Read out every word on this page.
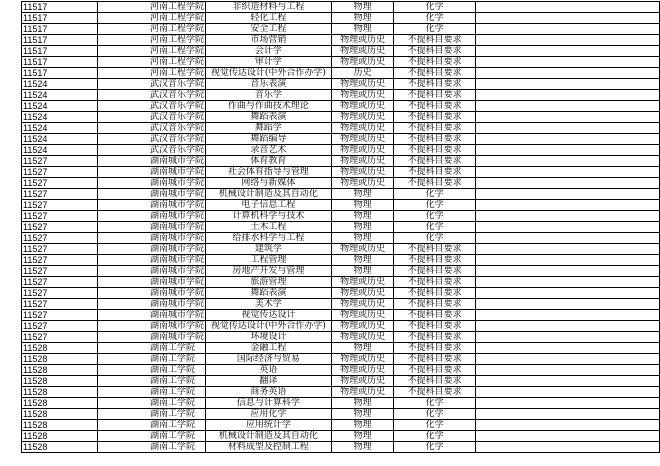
11517	河南工程学院	非织造材料与工程	物理	化学	
11517	河南工程学院	轻化工程	物理	化学	
11517	河南工程学院	安全工程	物理	化学	
11517	河南工程学院	市场营销	物理或历史	不提科目要求	
11517	河南工程学院	会计学	物理或历史	不提科目要求	
11517	河南工程学院	审计学	物理或历史	不提科目要求	
11517	河南工程学院	视觉传达设计(中外合作办学)	历史	不提科目要求	
11524	武汉音乐学院	音乐表演	物理或历史	不提科目要求	
11524	武汉音乐学院	音乐学	物理或历史	不提科目要求	
11524	武汉音乐学院	作曲与作曲技术理论	物理或历史	不提科目要求	
11524	武汉音乐学院	舞蹈表演	物理或历史	不提科目要求	
11524	武汉音乐学院	舞蹈学	物理或历史	不提科目要求	
11524	武汉音乐学院	舞蹈编导	物理或历史	不提科目要求	
11524	武汉音乐学院	录音艺术	物理或历史	不提科目要求	
11527	湖南城市学院	体育教育	物理或历史	不提科目要求	
11527	湖南城市学院	社会体育指导与管理	物理或历史	不提科目要求	
11527	湖南城市学院	网络与新媒体	物理或历史	不提科目要求	
11527	湖南城市学院	机械设计制造及其自动化	物理	化学	
11527	湖南城市学院	电子信息工程	物理	化学	
11527	湖南城市学院	计算机科学与技术	物理	化学	
11527	湖南城市学院	土木工程	物理	化学	
11527	湖南城市学院	给排水科学与工程	物理	化学	
11527	湖南城市学院	建筑学	物理或历史	不提科目要求	
11527	湖南城市学院	工程管理	物理	不提科目要求	
11527	湖南城市学院	房地产开发与管理	物理	不提科目要求	
11527	湖南城市学院	旅游管理	物理或历史	不提科目要求	
11527	湖南城市学院	舞蹈表演	物理或历史	不提科目要求	
11527	湖南城市学院	美术学	物理或历史	不提科目要求	
11527	湖南城市学院	视觉传达设计	物理或历史	不提科目要求	
11527	湖南城市学院	视觉传达设计(中外合作办学)	物理或历史	不提科目要求	
11527	湖南城市学院	环境设计	物理或历史	不提科目要求	
11528	湖南工学院	金融工程	物理	不提科目要求	
11528	湖南工学院	国际经济与贸易	物理或历史	不提科目要求	
11528	湖南工学院	英语	物理或历史	不提科目要求	
11528	湖南工学院	翻译	物理或历史	不提科目要求	
11528	湖南工学院	商务英语	物理或历史	不提科目要求	
11528	湖南工学院	信息与计算科学	物理	化学	
11528	湖南工学院	应用化学	物理	化学	
11528	湖南工学院	应用统计学	物理	化学	
11528	湖南工学院	机械设计制造及其自动化	物理	化学	
11528	湖南工学院	材料成型及控制工程	物理	化学	
